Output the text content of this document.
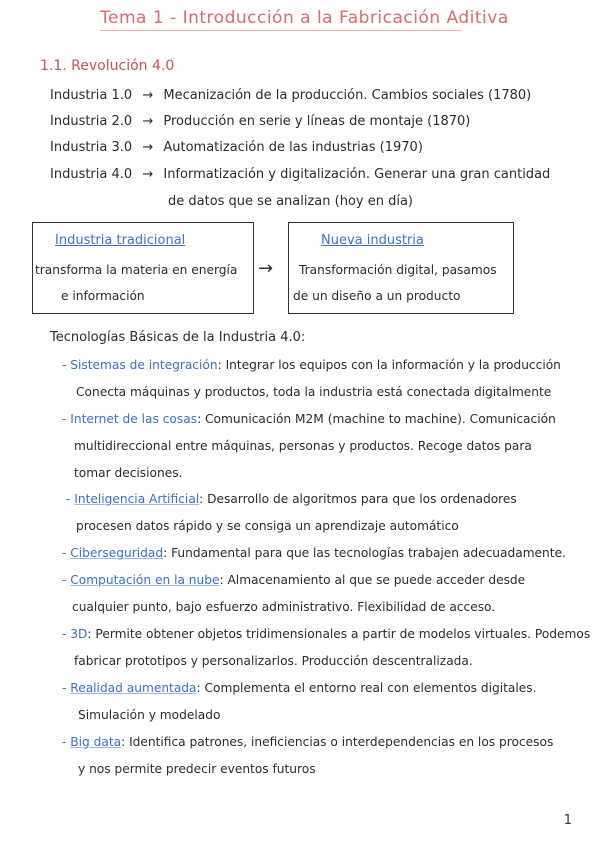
Tema 1 - Introducción a la Fabricación Aditiva
1.1. Revolución 4.0
Industria 1.0 → Mecanización de la producción. Cambios sociales (1780)
Industria 2.0 → Producción en serie y líneas de montaje (1870)
Industria 3.0 → Automatización de las industrias (1970)
Industria 4.0 → Informatización y digitalización. Generar una gran cantidad
de datos que se analizan (hoy en día)
Industria tradicional
transforma la materia en energía
e información
→
Nueva industria
Transformación digital, pasamos
de un diseño a un producto
Tecnologías Básicas de la Industria 4.0:
- Sistemas de integración: Integrar los equipos con la información y la producción
Conecta máquinas y productos, toda la industria está conectada digitalmente
- Internet de las cosas: Comunicación M2M (machine to machine). Comunicación
multidireccional entre máquinas, personas y productos. Recoge datos para
tomar decisiones.
- Inteligencia Artificial: Desarrollo de algoritmos para que los ordenadores
procesen datos rápido y se consiga un aprendizaje automático
- Ciberseguridad: Fundamental para que las tecnologías trabajen adecuadamente.
- Computación en la nube: Almacenamiento al que se puede acceder desde
cualquier punto, bajo esfuerzo administrativo. Flexibilidad de acceso.
- 3D: Permite obtener objetos tridimensionales a partir de modelos virtuales. Podemos
fabricar prototipos y personalizarlos. Producción descentralizada.
- Realidad aumentada: Complementa el entorno real con elementos digitales.
Simulación y modelado
- Big data: Identifica patrones, ineficiencias o interdependencias en los procesos
y nos permite predecir eventos futuros
1
